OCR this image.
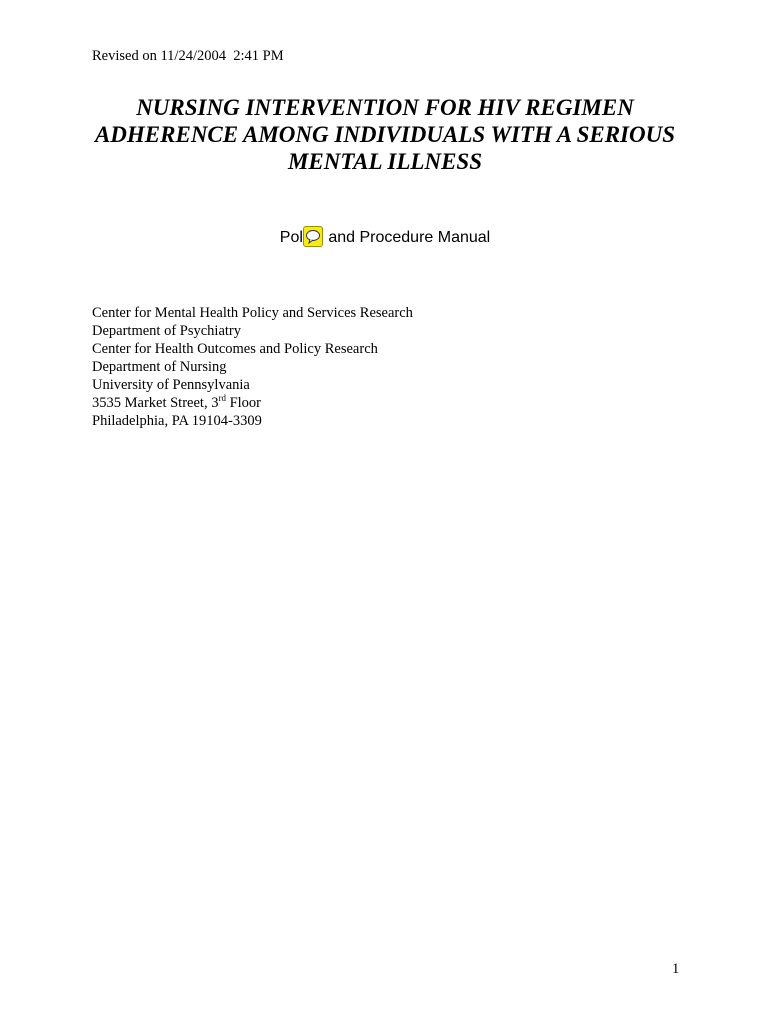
Revised on 11/24/2004  2:41 PM
NURSING INTERVENTION FOR HIV REGIMEN
ADHERENCE AMONG INDIVIDUALS WITH A SERIOUS
MENTAL ILLNESS
Pol
and Procedure Manual
Center for Mental Health Policy and Services Research
Department of Psychiatry
Center for Health Outcomes and Policy Research
Department of Nursing
University of Pennsylvania
3535 Market Street, 3rd Floor
Philadelphia, PA 19104-3309
1
